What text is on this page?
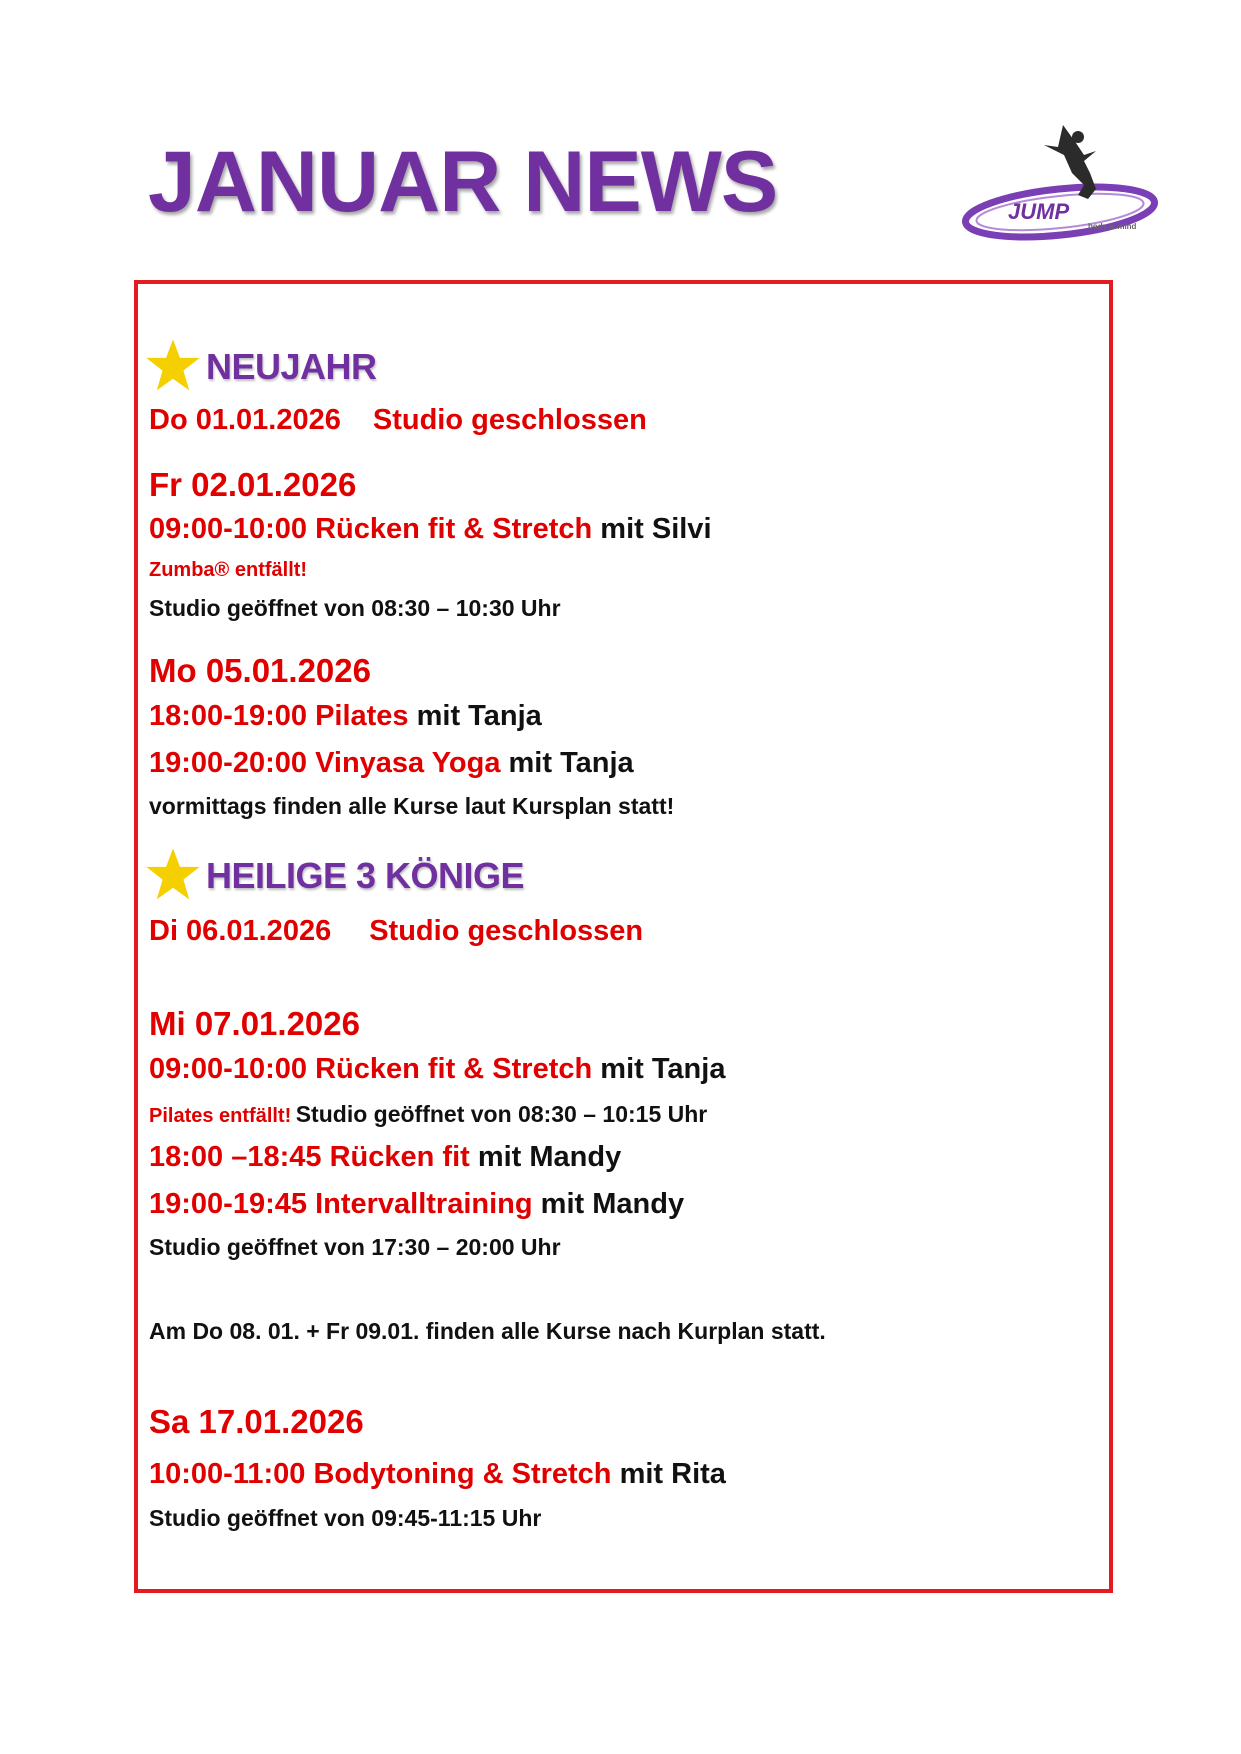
JANUAR NEWS	JUMP
body & mind
NEUJAHR
Do 01.01.2026 Studio geschlossen
Fr 02.01.2026
09:00-10:00 Rücken fit & Stretch mit Silvi
Zumba® entfällt!
Studio geöffnet von 08:30 – 10:30 Uhr
Mo 05.01.2026
18:00-19:00 Pilates mit Tanja
19:00-20:00 Vinyasa Yoga mit Tanja
vormittags finden alle Kurse laut Kursplan statt!
HEILIGE 3 KÖNIGE
Di 06.01.2026 Studio geschlossen
Mi 07.01.2026
09:00-10:00 Rücken fit & Stretch mit Tanja
Pilates entfällt! Studio geöffnet von 08:30 – 10:15 Uhr
18:00 –18:45 Rücken fit mit Mandy
19:00-19:45 Intervalltraining mit Mandy
Studio geöffnet von 17:30 – 20:00 Uhr
Am Do 08. 01. + Fr 09.01. finden alle Kurse nach Kurplan statt.
Sa 17.01.2026
10:00-11:00 Bodytoning & Stretch mit Rita
Studio geöffnet von 09:45-11:15 Uhr
